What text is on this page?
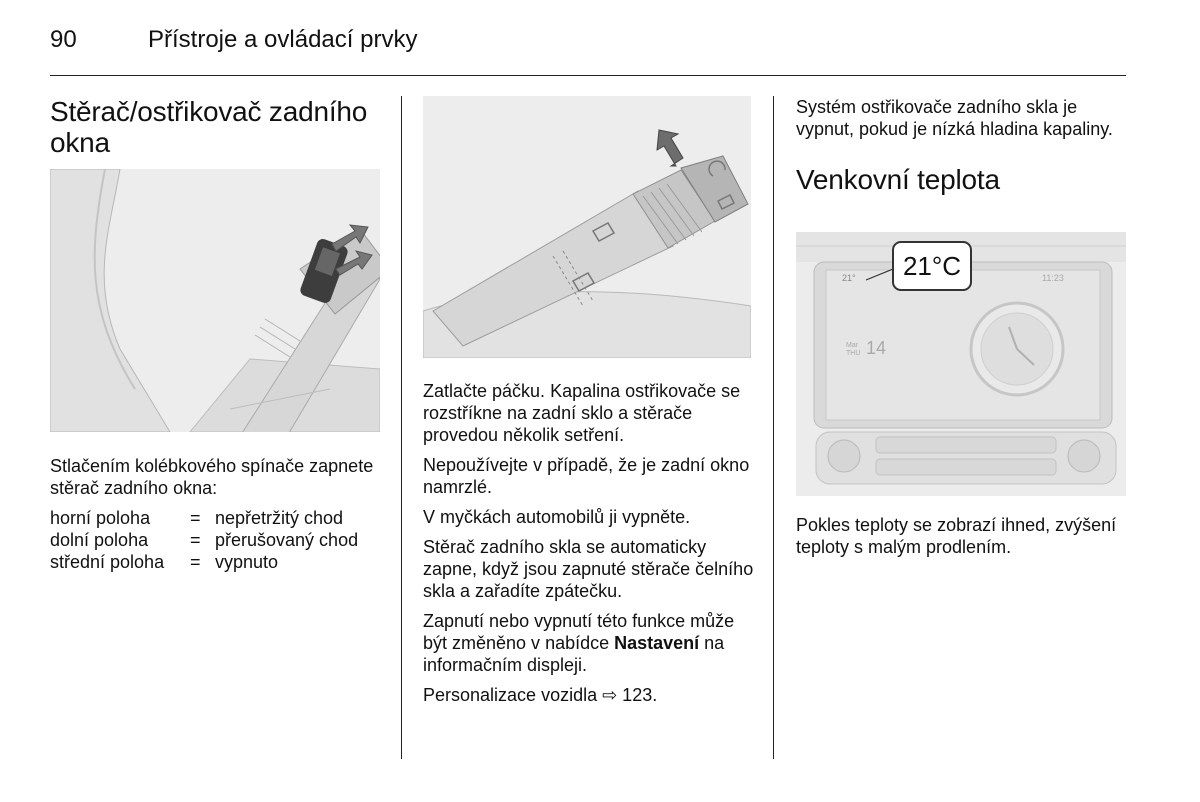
90	Přístroje a ovládací prvky
Stěrač/ostřikovač zadního okna

Stlačením kolébkového spínače zapnete stěrač zadního okna:

horní poloha = nepřetržitý chod
dolní poloha = přerušovaný chod
střední poloha = vypnuto

Zatlačte páčku. Kapalina ostřikovače se rozstříkne na zadní sklo a stěrače provedou několik setření.

Nepoužívejte v případě, že je zadní okno namrzlé.

V myčkách automobilů ji vypněte.

Stěrač zadního skla se automaticky zapne, když jsou zapnuté stěrače čelního skla a zařadíte zpátečku.

Zapnutí nebo vypnutí této funkce může být změněno v nabídce Nastavení na informačním displeji.

Personalizace vozidla ⇨ 123.

Systém ostřikovače zadního skla je vypnut, pokud je nízká hladina kapaliny.

Venkovní teplota
21°	11:23
Mar THU 14
21°C

Pokles teploty se zobrazí ihned, zvýšení teploty s malým prodlením.
